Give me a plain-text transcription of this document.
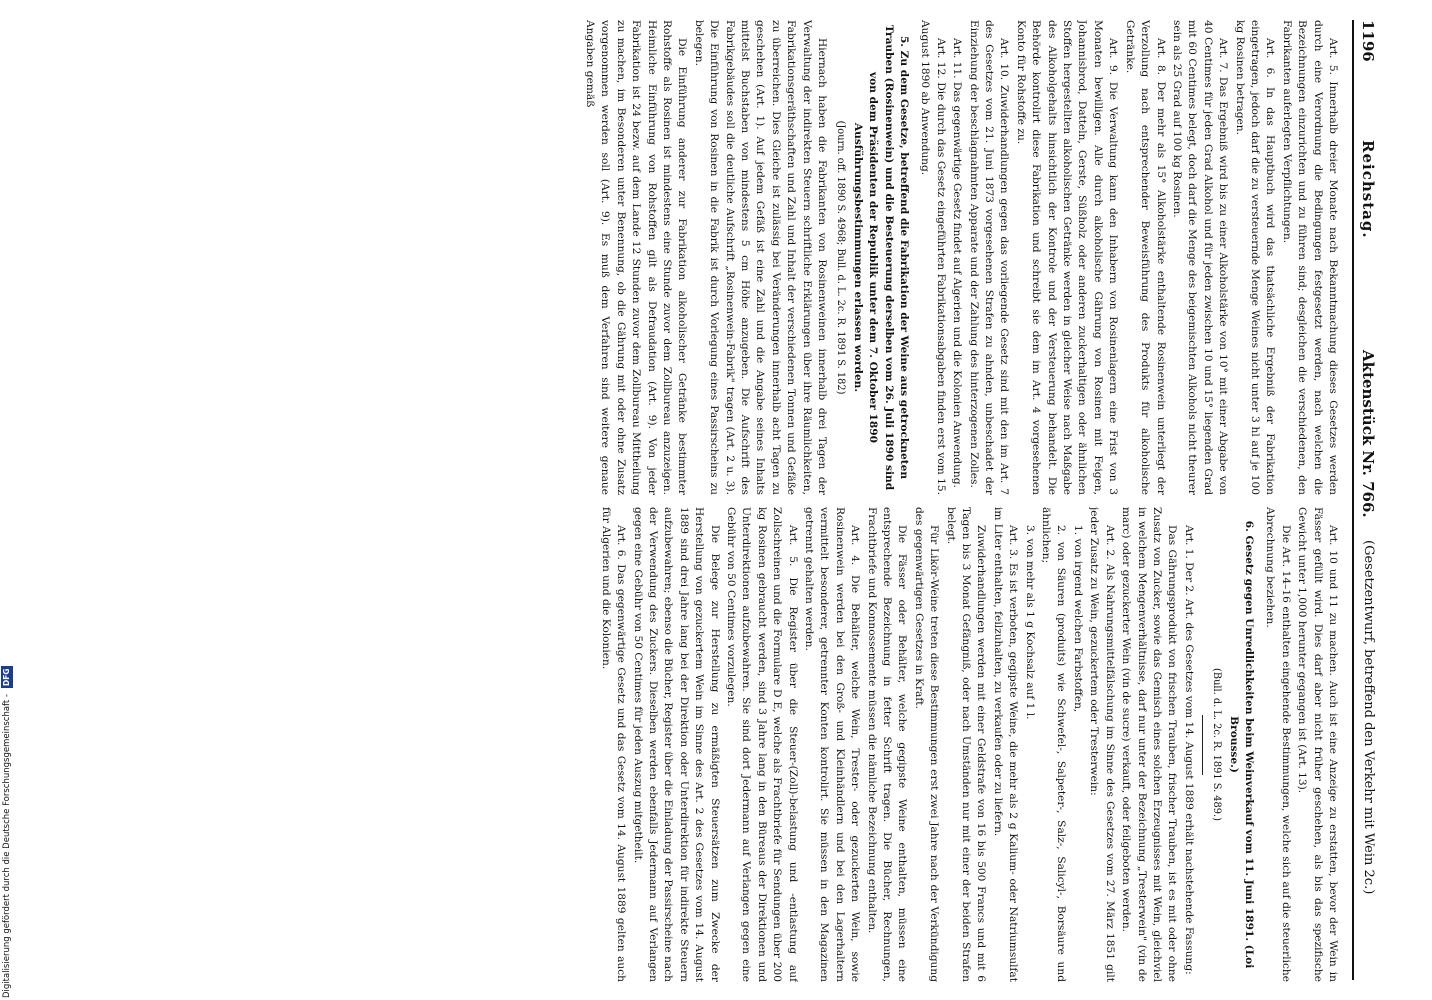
1196
Reichstag.
Aktenstück Nr. 766.
(Gesetzentwurf, betreffend den Verkehr mit Wein 2c.)

Art. 5. Innerhalb dreier Monate nach Bekanntmachung dieses Gesetzes werden durch eine Verordnung die Bedingungen festgesetzt werden, nach welchen die Bezeichnungen einzurichten und zu führen sind; desgleichen die verschiedenen, den Fabrikanten auferlegten Verpflichtungen.

Art. 6. In das Hauptbuch wird das thatsächliche Ergebniß der Fabrikation eingetragen, jedoch darf die zu versteuernde Menge Weines nicht unter 3 hl auf je 100 kg Rosinen betragen.

Art. 7. Das Ergebniß wird bis zu einer Alkoholstärke von 10° mit einer Abgabe von 40 Centimes für jeden Grad Alkohol und für jeden zwischen 10 und 15° liegenden Grad mit 60 Centimes belegt, doch darf die Menge des beigemischten Alkohols nicht theurer sein als 25 Grad auf 100 kg Rosinen.

Art. 8. Der mehr als 15° Alkoholstärke enthaltende Rosinenwein unterliegt der Verzollung nach entsprechender Beweisführung des Produkts für alkoholische Getränke.

Art. 9. Die Verwaltung kann den Inhabern von Rosinenlagern eine Frist von 3 Monaten bewilligen. Alle durch alkoholische Gährung von Rosinen mit Feigen, Johannisbrod, Datteln, Gerste, Süßholz oder anderen zuckerhaltigen oder ähnlichen Stoffen hergestellten alkoholischen Getränke werden in gleicher Weise nach Maßgabe des Alkoholgehalts hinsichtlich der Kontrole und der Versteuerung behandelt. Die Behörde kontrolirt diese Fabrikation und schreibt sie dem im Art. 4 vorgesehenen Konto für Rohstoffe zu.

Art. 10. Zuwiderhandlungen gegen das vorliegende Gesetz sind mit den im Art. 7 des Gesetzes vom 21. Juni 1873 vorgesehenen Strafen zu ahnden, unbeschadet der Einziehung der beschlagnahmten Apparate und der Zahlung des hinterzogenen Zolles.

Art. 11. Das gegenwärtige Gesetz findet auf Algerien und die Kolonien Anwendung.

Art. 12. Die durch das Gesetz eingeführten Fabrikationsabgaben finden erst vom 15. August 1890 ab Anwendung.

5. Zu dem Gesetze, betreffend die Fabrikation der Weine aus getrockneten Trauben (Rosinenwein) und die Besteuerung derselben vom 26. Juli 1890 sind von dem Präsidenten der Republik unter dem 7. Oktober 1890 Ausführungsbestimmungen erlassen worden.

(Journ. off. 1890 S. 4968; Bull. d. L. 2c. R. 1891 S. 182)

Hiernach haben die Fabrikanten von Rosinenweinen innerhalb drei Tagen der Verwaltung der indirekten Steuern schriftliche Erklärungen über ihre Räumlichkeiten, Fabrikationsgeräthschaften und Zahl und Inhalt der verschiedenen Tonnen und Gefäße zu überreichen. Dies Gleiche ist zulässig bei Veränderungen innerhalb acht Tagen zu geschehen (Art. 1). Auf jedem Gefäß ist eine Zahl und die Angabe seines Inhalts mittelst Buchstaben von mindestens 5 cm Höhe anzugeben. Die Aufschrift des Fabrikgebäudes soll die deutliche Aufschrift „Rosinenwein-Fabrik" tragen (Art. 2 u. 3). Die Einführung von Rosinen in die Fabrik ist durch Vorlegung eines Passirscheins zu belegen.

Die Einführung anderer zur Fabrikation alkoholischer Getränke bestimmter Rohstoffe als Rosinen ist mindestens eine Stunde zuvor dem Zollbureau anzuzeigen. Heimliche Einführung von Rohstoffen gilt als Defraudation (Art. 9). Von jeder Fabrikation ist 24 bezw. auf dem Lande 12 Stunden zuvor dem Zollbureau Mittheilung zu machen, im Besonderen unter Benennung, ob die Gährung mit oder ohne Zusatz vorgenommen werden soll (Art. 9). Es muß dem Verfahren sind weitere genaue Angaben gemäß

Art. 10 und 11 zu machen. Auch ist eine Anzeige zu erstatten, bevor der Wein in Fässer gefüllt wird. Dies darf aber nicht früher geschehen, als bis das spezifische Gewicht unter 1,000 herunter gegangen ist (Art. 13).

Die Art. 14–16 enthalten eingehende Bestimmungen, welche sich auf die steuerliche Abrechnung beziehen.

6. Gesetz gegen Unredlichkeiten beim Weinverkauf vom 11. Juni 1891. (Loi Brousse.)

(Bull. d. L. 2c. R. 1891 S. 489.)

Art. 1. Der 2. Art. des Gesetzes vom 14. August 1889 erhält nachstehende Fassung:

Das Gährungsprodukt von frischen Trauben, frischer Trauben, ist es mit oder ohne Zusatz von Zucker, sowie das Gemisch eines solchen Erzeugnisses mit Wein, gleichviel in welchem Mengenverhältnisse, darf nur unter der Bezeichnung „Tresterwein" (vin de marc) oder gezuckerter Wein (vin de sucre) verkauft, oder feilgeboten werden.

Art. 2. Als Nahrungsmittelfälschung im Sinne des Gesetzes vom 27. März 1851 gilt jeder Zusatz zu Wein, gezuckertem oder Tresterwein:

1. von irgend welchen Farbstoffen,

2. von Säuren (produits) wie Schwefel-, Salpeter-, Salz-, Salicyl-, Borsäure und ähnlichen;

3. von mehr als 1 g Kochsalz auf 1 l.

Art. 3. Es ist verboten, gegipste Weine, die mehr als 2 g Kalium- oder Natriumsulfat im Liter enthalten, feilzuhalten, zu verkaufen oder zu liefern.

Zuwiderhandlungen werden mit einer Geldstrafe von 16 bis 500 Francs und mit 6 Tagen bis 3 Monat Gefängniß, oder nach Umständen nur mit einer der beiden Strafen belegt.

Für Likör-Weine treten diese Bestimmungen erst zwei Jahre nach der Verkündigung des gegenwärtigen Gesetzes in Kraft.

Die Fässer oder Behälter, welche gegipste Weine enthalten, müssen eine entsprechende Bezeichnung in fetter Schrift tragen. Die Bücher, Rechnungen, Frachtbriefe und Konnossemente müssen die nämliche Bezeichnung enthalten.

Art. 4. Die Behälter, welche Wein, Trester- oder gezuckerten Wein, sowie Rosinenwein werden bei den Groß- und Kleinhändlern und bei den Lagerhaltern vermittelt besonderer, getrennter Konten kontrolirt. Sie müssen in den Magazinen getrennt gehalten werden.

Art. 5. Die Register über die Steuer-(Zoll)-belastung und -entlastung auf Zollschreinen und die Formulare D E, welche als Frachtbriefe für Sendungen über 200 kg Rosinen gebraucht werden, sind 3 Jahre lang in den Büreaus der Direktionen und Unterdirektionen aufzubewahren. Sie sind dort Jedermann auf Verlangen gegen eine Gebühr von 50 Centimes vorzulegen.

Die Belege zur Herstellung zu ermäßigten Steuersätzen zum Zwecke der Herstellung von gezuckertem Wein im Sinne des Art. 2 des Gesetzes vom 14. August 1889 sind drei Jahre lang bei der Direktion oder Unterdirektion für indirekte Steuern aufzubewahren; ebenso die Bücher, Register über die Einladung der Passirscheine nach der Verwendung des Zuckers. Dieselben werden ebenfalls Jedermann auf Verlangen gegen eine Gebühr von 50 Centimes für jeden Auszug mitgetheilt.

Art. 6. Das gegenwärtige Gesetz und das Gesetz vom 14. August 1889 gelten auch für Algerien und die Kolonien.

Digitalisierung gefördert durch die Deutsche Forschungsgemeinschaft -DFG
